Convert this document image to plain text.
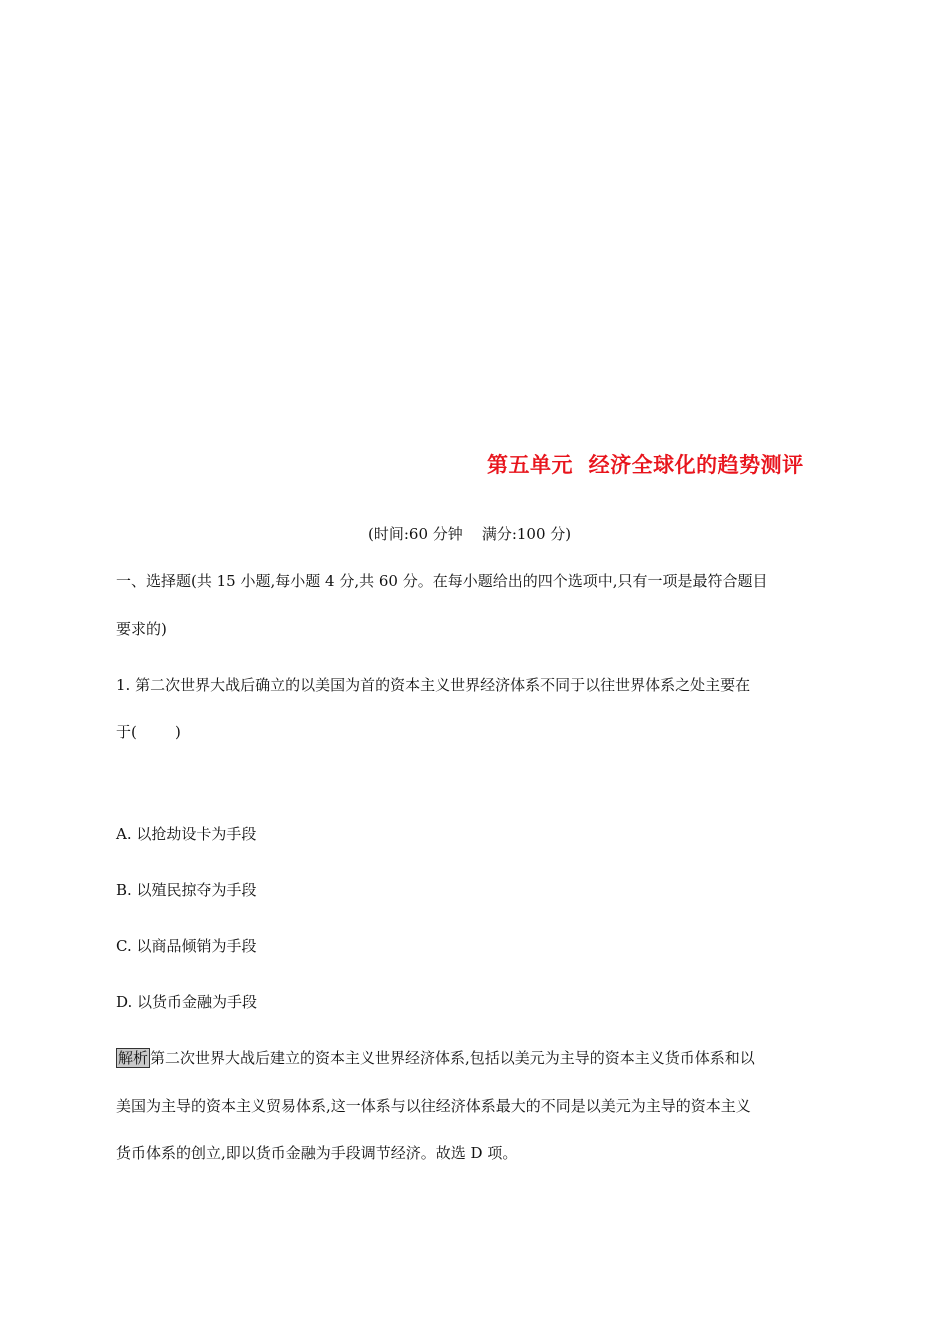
第五单元  经济全球化的趋势测评
(时间:60 分钟    满分:100 分)
一、选择题(共 15 小题,每小题 4 分,共 60 分。在每小题给出的四个选项中,只有一项是最符合题目
要求的)
1. 第二次世界大战后确立的以美国为首的资本主义世界经济体系不同于以往世界体系之处主要在
于(        )
A. 以抢劫设卡为手段
B. 以殖民掠夺为手段
C. 以商品倾销为手段
D. 以货币金融为手段
解析 第二次世界大战后建立的资本主义世界经济体系,包括以美元为主导的资本主义货币体系和以
美国为主导的资本主义贸易体系,这一体系与以往经济体系最大的不同是以美元为主导的资本主义
货币体系的创立,即以货币金融为手段调节经济。故选 D 项。
